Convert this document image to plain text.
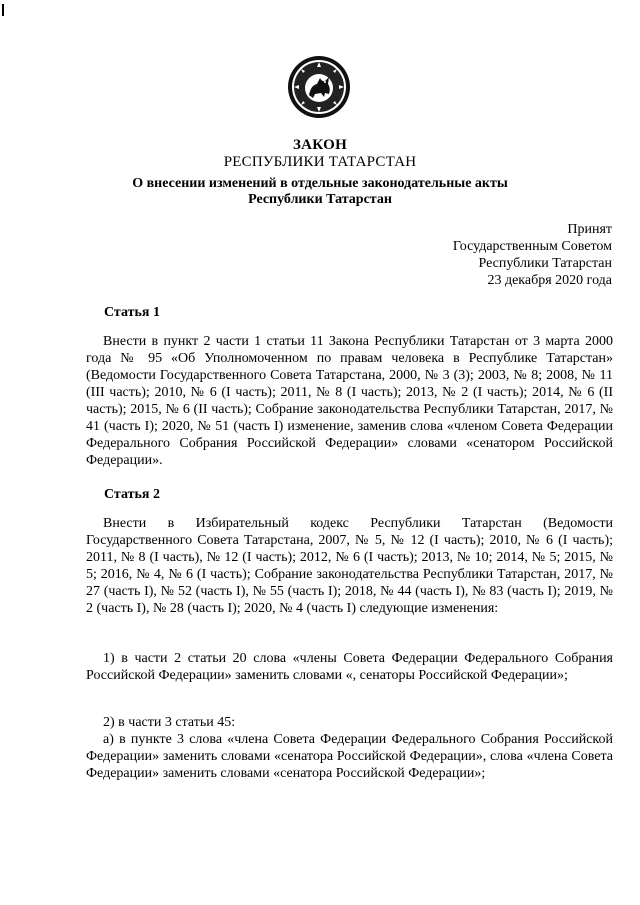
ЗАКОН
РЕСПУБЛИКИ ТАТАРСТАН
О внесении изменений в отдельные законодательные акты
Республики Татарстан
Принят
Государственным Советом
Республики Татарстан
23 декабря 2020 года
Статья 1
Внести в пункт 2 части 1 статьи 11 Закона Республики Татарстан от 3 марта 2000 года № 95 «Об Уполномоченном по правам человека в Республике Татарстан» (Ведомости Государственного Совета Татарстана, 2000, № 3 (3); 2003, № 8; 2008, № 11 (III часть); 2010, № 6 (I часть); 2011, № 8 (I часть); 2013, № 2 (I часть); 2014, № 6 (II часть); 2015, № 6 (II часть); Собрание законодательства Республики Татарстан, 2017, № 41 (часть I); 2020, № 51 (часть I) изменение, заменив слова «членом Совета Федерации Федерального Собрания Российской Федерации» словами «сенатором Российской Федерации».
Статья 2
Внести в Избирательный кодекс Республики Татарстан (Ведомости Государственного Совета Татарстана, 2007, № 5, № 12 (I часть); 2010, № 6 (I часть); 2011, № 8 (I часть), № 12 (I часть); 2012, № 6 (I часть); 2013, № 10; 2014, № 5; 2015, № 5; 2016, № 4, № 6 (I часть); Собрание законодательства Республики Татарстан, 2017, № 27 (часть I), № 52 (часть I), № 55 (часть I); 2018, № 44 (часть I), № 83 (часть I); 2019, № 2 (часть I), № 28 (часть I); 2020, № 4 (часть I) следующие изменения:
1) в части 2 статьи 20 слова «члены Совета Федерации Федерального Собрания Российской Федерации» заменить словами «, сенаторы Российской Федерации»;
2) в части 3 статьи 45:
а) в пункте 3 слова «члена Совета Федерации Федерального Собрания Российской Федерации» заменить словами «сенатора Российской Федерации», слова «члена Совета Федерации» заменить словами «сенатора Российской Федерации»;
